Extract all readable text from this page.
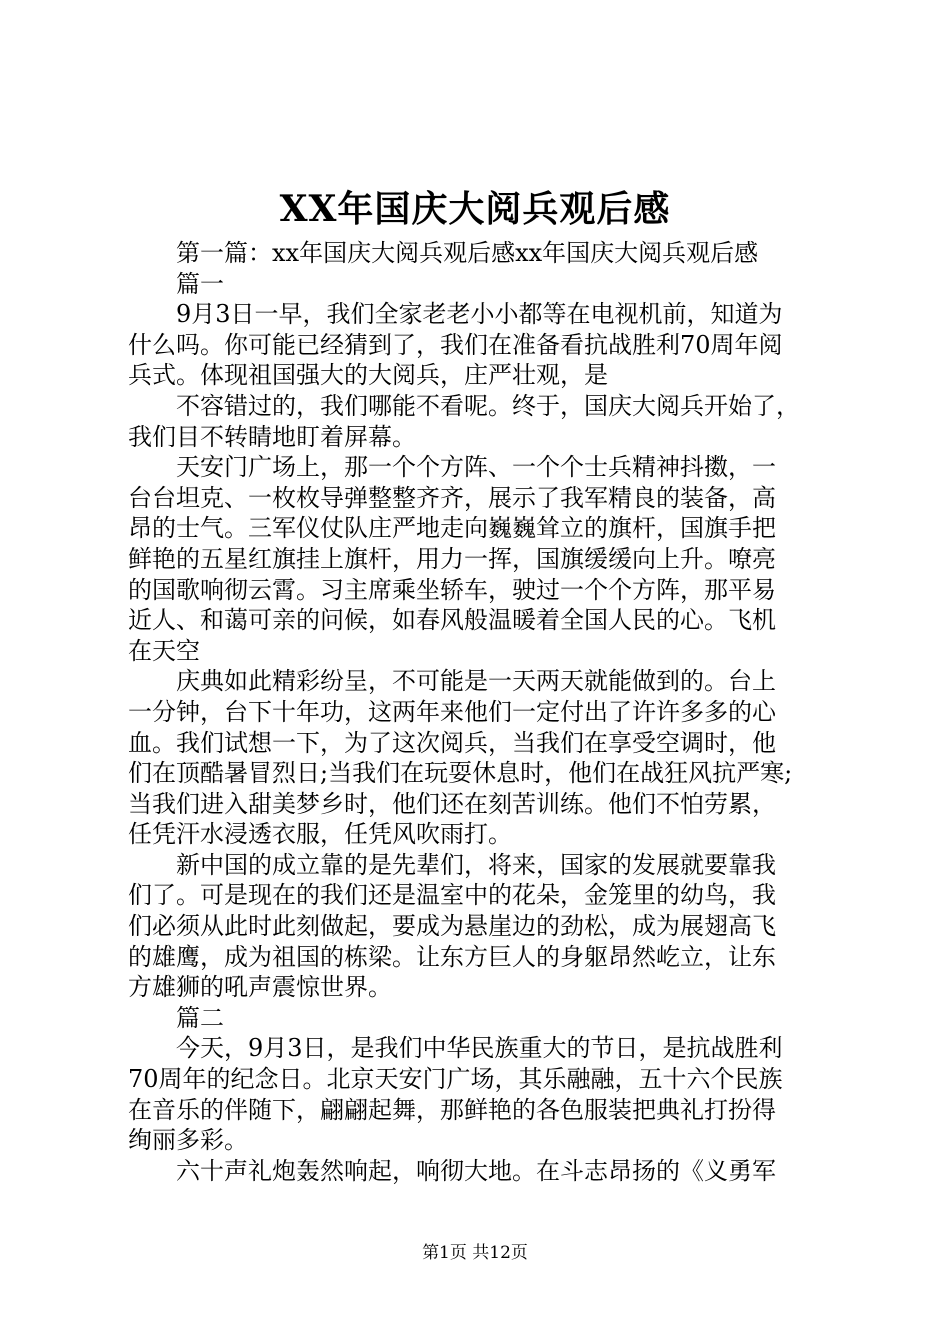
XX年国庆大阅兵观后感
第一篇：xx年国庆大阅兵观后感xx年国庆大阅兵观后感
篇一
9月3日一早，我们全家老老小小都等在电视机前，知道为
什么吗。你可能已经猜到了，我们在准备看抗战胜利70周年阅
兵式。体现祖国强大的大阅兵，庄严壮观，是
不容错过的，我们哪能不看呢。终于，国庆大阅兵开始了，
我们目不转睛地盯着屏幕。
天安门广场上，那一个个方阵、一个个士兵精神抖擞，一
台台坦克、一枚枚导弹整整齐齐，展示了我军精良的装备，高
昂的士气。三军仪仗队庄严地走向巍巍耸立的旗杆，国旗手把
鲜艳的五星红旗挂上旗杆，用力一挥，国旗缓缓向上升。嘹亮
的国歌响彻云霄。习主席乘坐轿车，驶过一个个方阵，那平易
近人、和蔼可亲的问候，如春风般温暖着全国人民的心。飞机
在天空
庆典如此精彩纷呈，不可能是一天两天就能做到的。台上
一分钟，台下十年功，这两年来他们一定付出了许许多多的心
血。我们试想一下，为了这次阅兵，当我们在享受空调时，他
们在顶酷暑冒烈日;当我们在玩耍休息时，他们在战狂风抗严寒;
当我们进入甜美梦乡时，他们还在刻苦训练。他们不怕劳累，
任凭汗水浸透衣服，任凭风吹雨打。
新中国的成立靠的是先辈们，将来，国家的发展就要靠我
们了。可是现在的我们还是温室中的花朵，金笼里的幼鸟，我
们必须从此时此刻做起，要成为悬崖边的劲松，成为展翅高飞
的雄鹰，成为祖国的栋梁。让东方巨人的身躯昂然屹立，让东
方雄狮的吼声震惊世界。
篇二
今天，9月3日，是我们中华民族重大的节日，是抗战胜利
70周年的纪念日。北京天安门广场，其乐融融，五十六个民族
在音乐的伴随下，翩翩起舞，那鲜艳的各色服装把典礼打扮得
绚丽多彩。
六十声礼炮轰然响起，响彻大地。在斗志昂扬的《义勇军
第1页 共12页
